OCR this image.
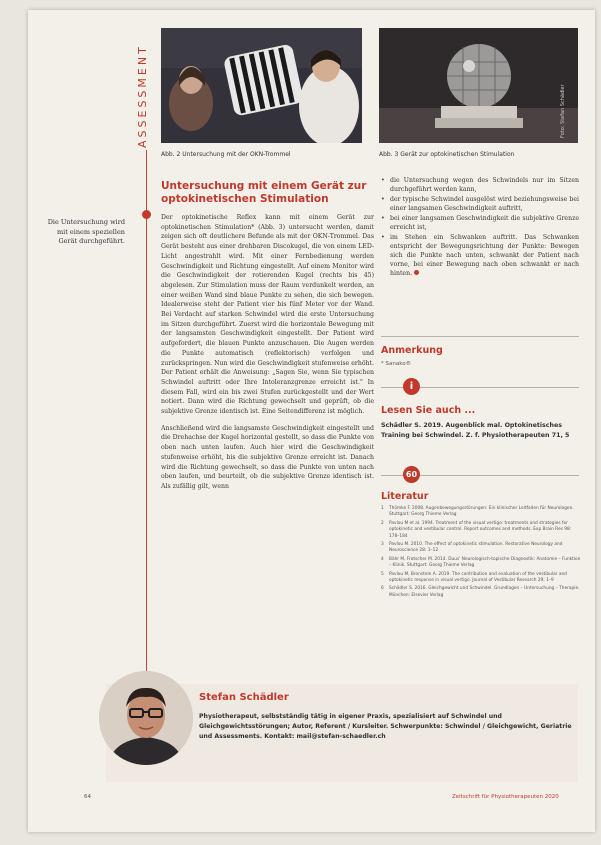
ASSESSMENT
Abb. 2 Untersuchung mit der OKN-Trommel
Foto: Stefan Schädler
Abb. 3 Gerät zur optokinetischen Stimulation
Die Untersuchung wird mit einem speziellen Gerät durchgeführt.
Untersuchung mit einem Gerät zur optokinetischen Stimulation

Der optokinetische Reflex kann mit einem Gerät zur optokinetischen Stimulation* (Abb. 3) untersucht werden, damit zeigen sich oft deutlichere Befunde als mit der OKN-Trommel. Das Gerät besteht aus einer drehbaren Discokugel, die von einem LED-Licht angestrahlt wird. Mit einer Fernbedienung werden Geschwindigkeit und Richtung eingestellt. Auf einem Monitor wird die Geschwindigkeit der rotierenden Kugel (rechts bis 45) abgelesen. Zur Stimulation muss der Raum verdunkelt werden, an einer weißen Wand sind blaue Punkte zu sehen, die sich bewegen. Idealerweise steht der Patient vier bis fünf Meter vor der Wand. Bei Verdacht auf starken Schwindel wird die erste Untersuchung im Sitzen durchgeführt. Zuerst wird die horizontale Bewegung mit der langsamsten Geschwindigkeit eingestellt. Der Patient wird aufgefordert, die blauen Punkte anzuschauen. Die Augen werden die Punkte automatisch (reflektorisch) verfolgen und zurückspringen. Nun wird die Geschwindigkeit stufenweise erhöht. Der Patient erhält die Anweisung: „Sagen Sie, wenn Sie typischen Schwindel auftritt oder Ihre Intoleranzgrenze erreicht ist." In diesem Fall, wird ein bis zwei Stufen zurückgestellt und der Wert notiert. Dann wird die Richtung gewechselt und geprüft, ob die subjektive Grenze identisch ist. Eine Seitendifferenz ist möglich.

Anschließend wird die langsamste Geschwindigkeit eingestellt und die Drehachse der Kugel horizontal gestellt, so dass die Punkte von oben nach unten laufen. Auch hier wird die Geschwindigkeit stufenweise erhöht, bis die subjektive Grenze erreicht ist. Danach wird die Richtung gewechselt, so dass die Punkte von unten nach oben laufen, und beurteilt, ob die subjektive Grenze identisch ist. Als zufällig gilt, wenn

• die Untersuchung wegen des Schwindels nur im Sitzen durchgeführt werden kann,
• der typische Schwindel ausgelöst wird beziehungsweise bei einer langsamen Geschwindigkeit auftritt,
• bei einer langsamen Geschwindigkeit die subjektive Grenze erreicht ist,
• im Stehen ein Schwanken auftritt. Das Schwanken entspricht der Bewegungsrichtung der Punkte: Bewegen sich die Punkte nach unten, schwankt der Patient nach vorne, bei einer Bewegung nach oben schwankt er nach hinten.
Anmerkung
* Sanako®
i
Lesen Sie auch ...
Schädler S. 2019. Augenblick mal. Optokinetisches Training bei Schwindel. Z. f. Physiotherapeuten 71, 5
60
Literatur
1 Thömke F. 2008. Augenbewegungsstörungen: Ein klinischer Leitfaden für Neurologen. Stuttgart: Georg Thieme Verlag
2 Pavlou M et al. 1994. Treatment of the visual vertigo: treatments and strategies for optokinetic and vestibular control. Report outcomes and methods. Exp Brain Res 98: 178–184
3 Pavlou M. 2010. The effect of optokinetic stimulation. Restorative Neurology and Neuroscience 28: 1–12
4 Bähr M, Frotscher M. 2014. Duus' Neurologisch-topische Diagnostik: Anatomie – Funktion – Klinik. Stuttgart: Georg Thieme Verlag
5 Pavlou M, Bronstein A. 2019. The contribution and evaluation of the vestibular and optokinetic response in visual vertigo. Journal of Vestibular Research 29: 1–9
6 Schädler S. 2016. Gleichgewicht und Schwindel. Grundlagen – Untersuchung – Therapie. München: Elsevier Verlag
Stefan Schädler
Physiotherapeut, selbstständig tätig in eigener Praxis, spezialisiert auf Schwindel und Gleichgewichtsstörungen; Autor, Referent / Kursleiter. Schwerpunkte: Schwindel / Gleichgewicht, Geriatrie und Assessments. Kontakt: mail@stefan-schaedler.ch
64	Zeitschrift für Physiotherapeuten 2020
